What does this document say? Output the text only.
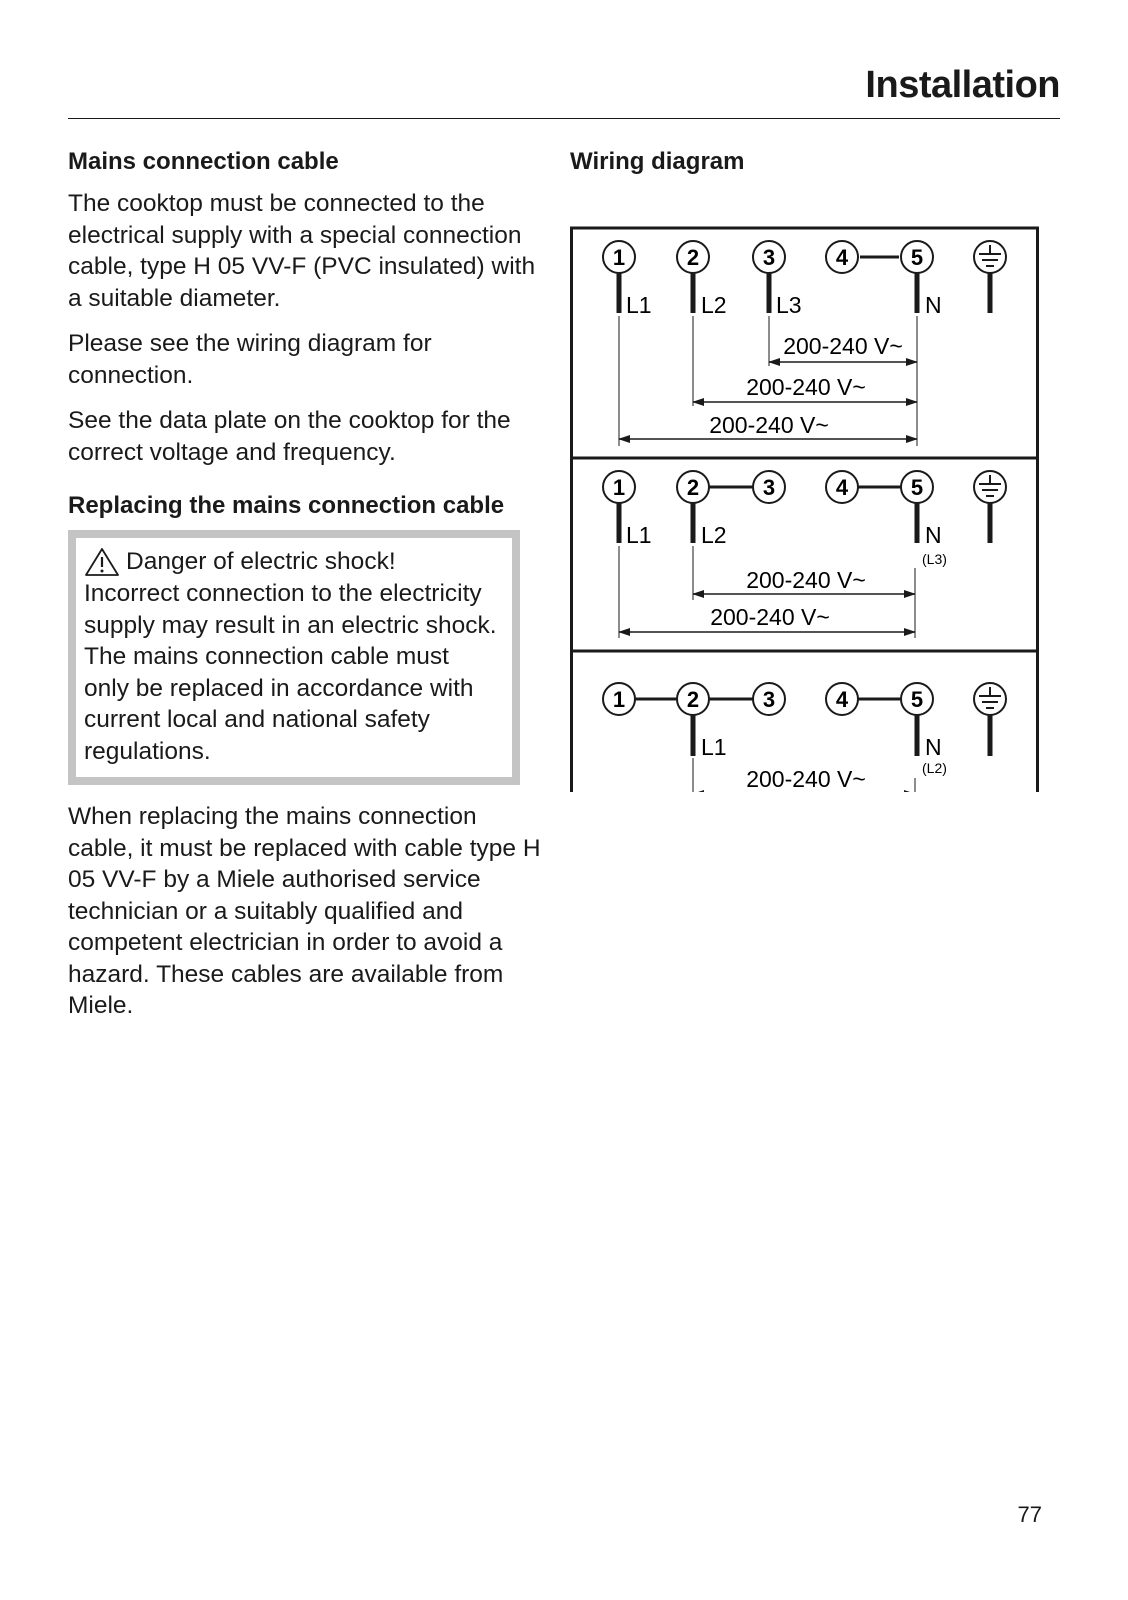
Installation
Mains connection cable

The cooktop must be connected to the electrical supply with a special connection cable, type H 05 VV-F (PVC insulated) with a suitable diameter.

Please see the wiring diagram for connection.

See the data plate on the cooktop for the correct voltage and frequency.

Replacing the mains connection cable
Danger of electric shock!

Incorrect connection to the electricity supply may result in an electric shock.

The mains connection cable must only be replaced in accordance with current local and national safety regulations.

When replacing the mains connection cable, it must be replaced with cable type H 05 VV-F by a Miele authorised service technician or a suitably qualified and competent electrician in order to avoid a hazard. These cables are available from Miele.

Wiring diagram
1	2	3	4	5
L1 L2 L3	N
200-240 V~
200-240 V~
200-240 V~
1	2	3	4	5
L1 L2	N
(L3)
200-240 V~
200-240 V~
1	2	3	4	5
L1	N
(L2)
200-240 V~
77
